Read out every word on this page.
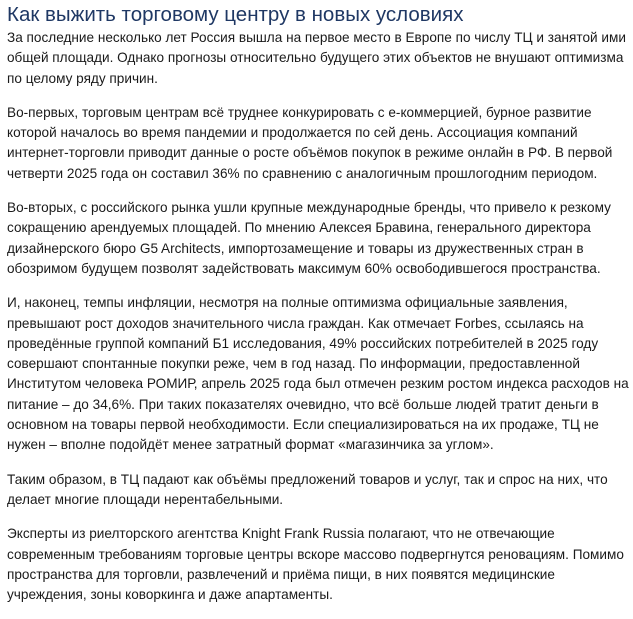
Как выжить торговому центру в новых условиях

За последние несколько лет Россия вышла на первое место в Европе по числу ТЦ и занятой ими
общей площади. Однако прогнозы относительно будущего этих объектов не внушают оптимизма
по целому ряду причин.

Во-первых, торговым центрам всё труднее конкурировать с е-коммерцией, бурное развитие
которой началось во время пандемии и продолжается по сей день. Ассоциация компаний
интернет-торговли приводит данные о росте объёмов покупок в режиме онлайн в РФ. В первой
четверти 2025 года он составил 36% по сравнению с аналогичным прошлогодним периодом.

Во-вторых, с российского рынка ушли крупные международные бренды, что привело к резкому
сокращению арендуемых площадей. По мнению Алексея Бравина, генерального директора
дизайнерского бюро G5 Architects, импортозамещение и товары из дружественных стран в
обозримом будущем позволят задействовать максимум 60% освободившегося пространства.

И, наконец, темпы инфляции, несмотря на полные оптимизма официальные заявления,
превышают рост доходов значительного числа граждан. Как отмечает Forbes, ссылаясь на
проведённые группой компаний Б1 исследования, 49% российских потребителей в 2025 году
совершают спонтанные покупки реже, чем в год назад. По информации, предоставленной
Институтом человека РОМИР, апрель 2025 года был отмечен резким ростом индекса расходов на
питание – до 34,6%. При таких показателях очевидно, что всё больше людей тратит деньги в
основном на товары первой необходимости. Если специализироваться на их продаже, ТЦ не
нужен – вполне подойдёт менее затратный формат «магазинчика за углом».

Таким образом, в ТЦ падают как объёмы предложений товаров и услуг, так и спрос на них, что
делает многие площади нерентабельными.

Эксперты из риелторского агентства Knight Frank Russia полагают, что не отвечающие
современным требованиям торговые центры вскоре массово подвергнутся реновациям. Помимо
пространства для торговли, развлечений и приёма пищи, в них появятся медицинские
учреждения, зоны коворкинга и даже апартаменты.
